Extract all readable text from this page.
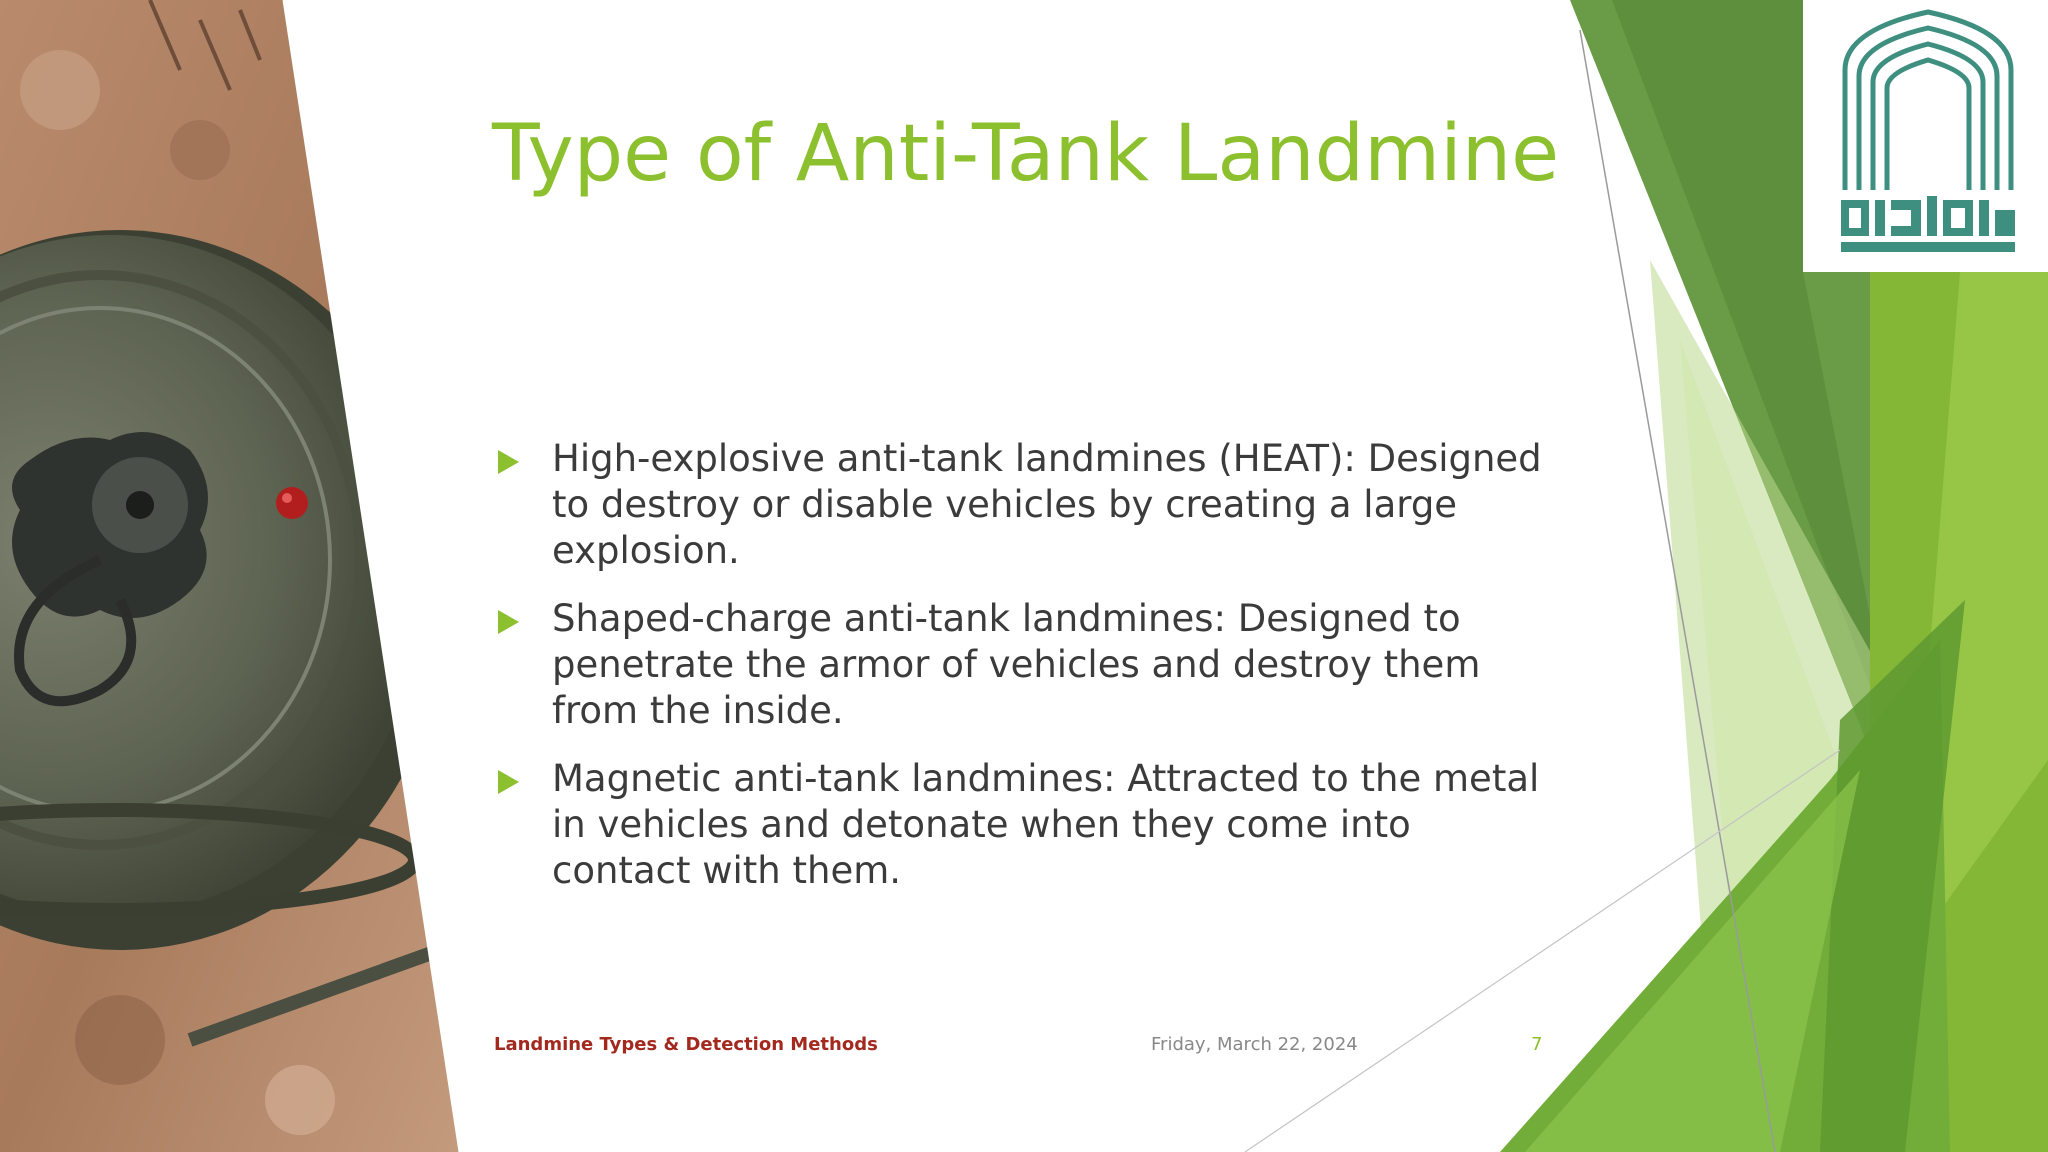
Type of Anti-Tank Landmine
High-explosive anti-tank landmines (HEAT): Designed to destroy or disable vehicles by creating a large explosion.
Shaped-charge anti-tank landmines: Designed to penetrate the armor of vehicles and destroy them from the inside.
Magnetic anti-tank landmines: Attracted to the metal in vehicles and detonate when they come into contact with them.
Landmine Types & Detection Methods	Friday, March 22, 2024	7
